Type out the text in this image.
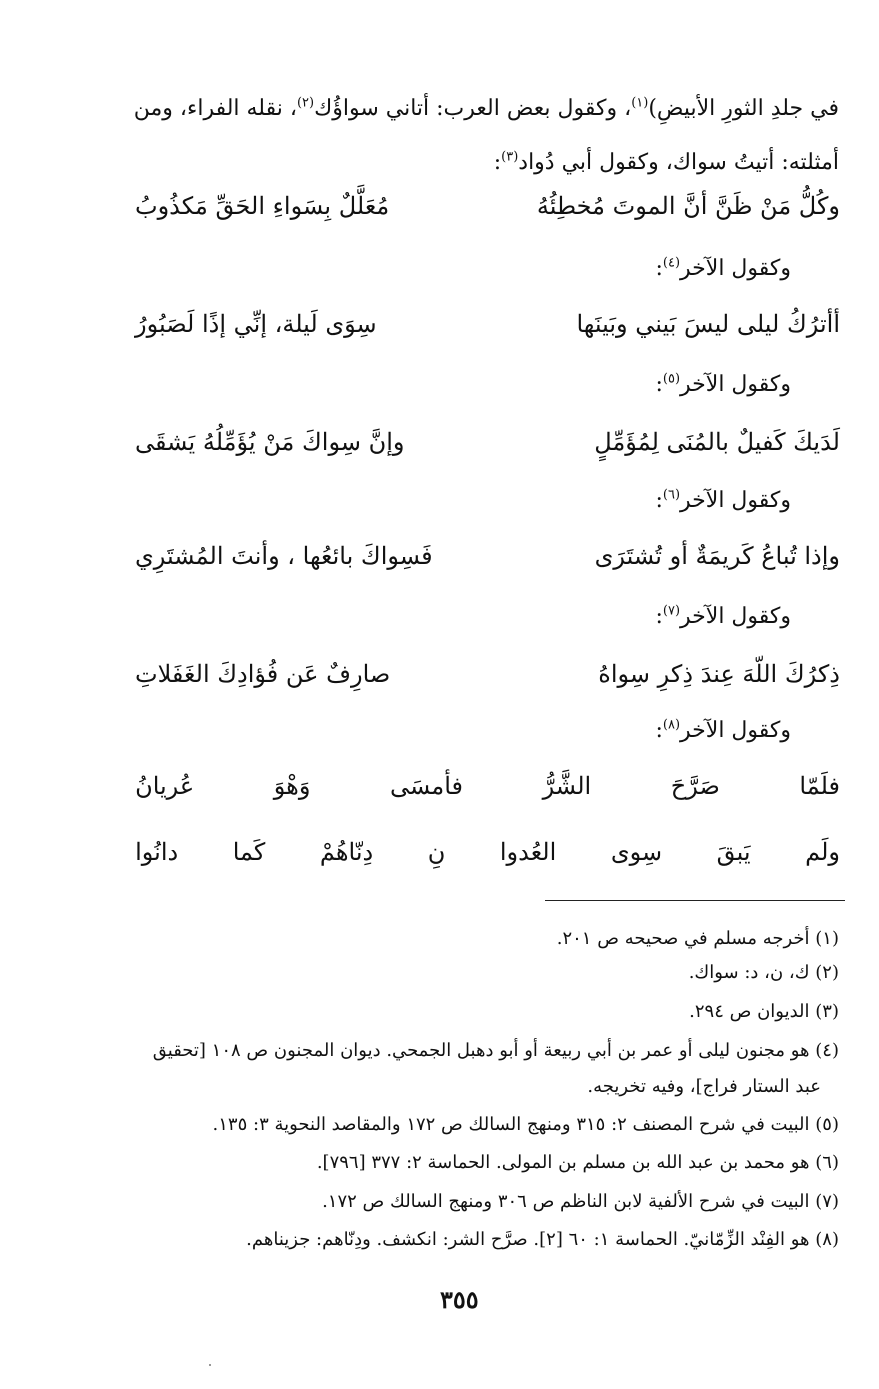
في جلدِ الثورِ الأبيضِ)$^{(١)}$، وكقول بعض العرب: أتاني سواؤُك$^{(٢)}$، نقله الفراء، ومن
أمثلته: أتيتُ سواك، وكقول أبي دُواد$^{(٣)}$:
وكُلُّ مَنْ ظَنَّ أنَّ الموتَ مُخطِئُهُ
مُعَلَّلٌ بِسَواءِ الحَقِّ مَكذُوبُ
وكقول الآخر$^{(٤)}$:
أأترُكُ ليلى ليسَ بَيني وبَينَها
سِوَى لَيلة، إنِّي إذًا لَصَبُورُ
وكقول الآخر$^{(٥)}$:
لَدَيكَ كَفيلٌ بالمُنَى لِمُؤَمِّلٍ
وإنَّ سِواكَ مَنْ يُؤَمِّلُهُ يَشقَى
وكقول الآخر$^{(٦)}$:
وإذا تُباعُ كَريمَةٌ أو تُشتَرَى
فَسِواكَ بائعُها ، وأنتَ المُشتَرِي
وكقول الآخر$^{(٧)}$:
ذِكرُكَ اللّهَ عِندَ ذِكرِ سِواهُ
صارِفٌ عَن فُؤادِكَ الغَفَلاتِ
وكقول الآخر$^{(٨)}$:
فلَمّا
صَرَّحَ
الشَّرُّ
فأمسَى
وَهْوَ
عُريانُ
ولَم
يَبقَ
سِوى
العُدوا
نِ
دِنّاهُمْ
كَما
دانُوا
(١) أخرجه مسلم في صحيحه ص ٢٠١.
(٢) ك، ن، د: سواك.
(٣) الديوان ص ٢٩٤.
(٤) هو مجنون ليلى أو عمر بن أبي ربيعة أو أبو دهبل الجمحي. ديوان المجنون ص ١٠٨ [تحقيق
عبد الستار فراج]، وفيه تخريجه.
(٥) البيت في شرح المصنف ٢: ٣١٥ ومنهج السالك ص ١٧٢ والمقاصد النحوية ٣: ١٣٥.
(٦) هو محمد بن عبد الله بن مسلم بن المولى. الحماسة ٢: ٣٧٧ [٧٩٦].
(٧) البيت في شرح الألفية لابن الناظم ص ٣٠٦ ومنهج السالك ص ١٧٢.
(٨) هو الفِنْد الزِّمّانيّ. الحماسة ١: ٦٠ [٢]. صرَّح الشر: انكشف. ودِنّاهم: جزيناهم.
٣٥٥
